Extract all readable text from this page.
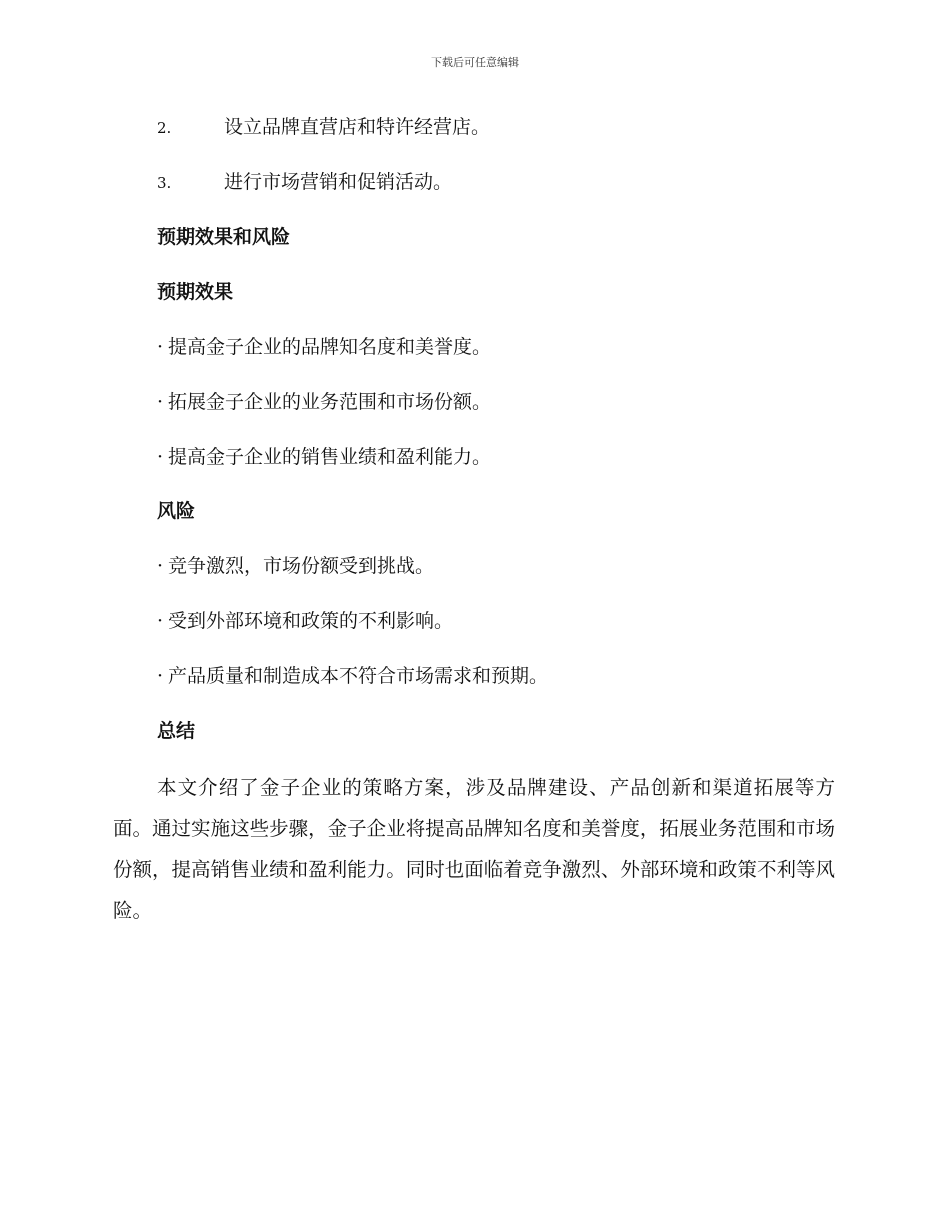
下载后可任意编辑
2.	设立品牌直营店和特许经营店。
3.	进行市场营销和促销活动。
预期效果和风险
预期效果
· 提高金子企业的品牌知名度和美誉度。
· 拓展金子企业的业务范围和市场份额。
· 提高金子企业的销售业绩和盈利能力。
风险
· 竞争激烈，市场份额受到挑战。
· 受到外部环境和政策的不利影响。
· 产品质量和制造成本不符合市场需求和预期。
总结

本文介绍了金子企业的策略方案，涉及品牌建设、产品创新和渠道拓展等方面。通过实施这些步骤，金子企业将提高品牌知名度和美誉度，拓展业务范围和市场份额，提高销售业绩和盈利能力。同时也面临着竞争激烈、外部环境和政策不利等风险。
